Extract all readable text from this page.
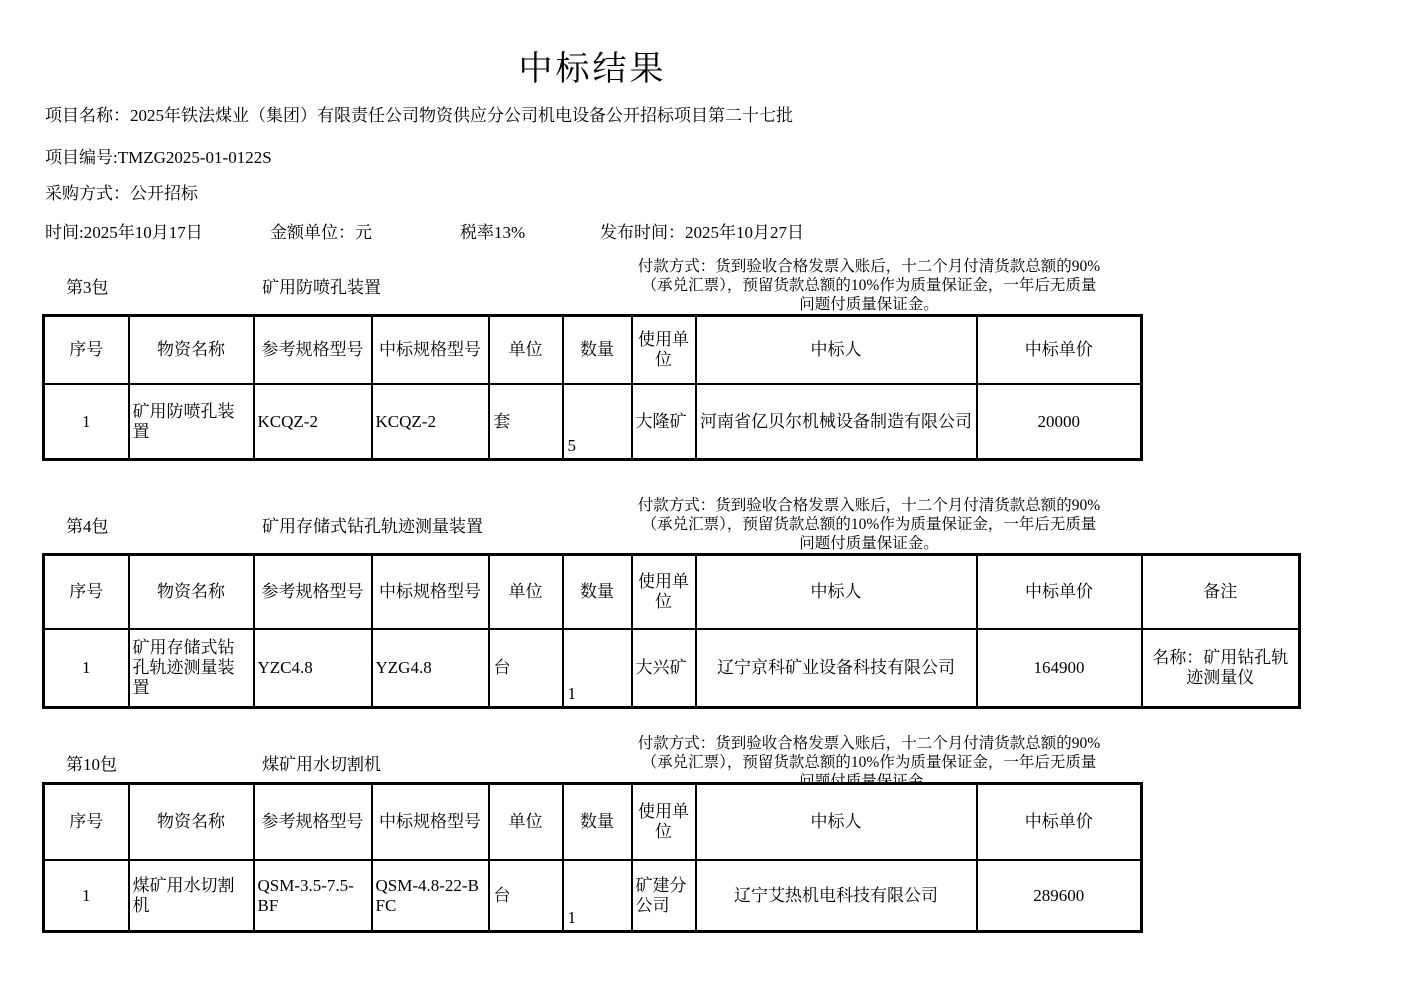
中标结果
项目名称：2025年铁法煤业（集团）有限责任公司物资供应分公司机电设备公开招标项目第二十七批
项目编号:TMZG2025-01-0122S
采购方式：公开招标
时间:2025年10月17日	金额单位：元	税率13%	发布时间：2025年10月27日
第3包	矿用防喷孔装置
付款方式：货到验收合格发票入账后，十二个月付清货款总额的90%
（承兑汇票），预留货款总额的10%作为质量保证金，一年后无质量
问题付质量保证金。
序号	物资名称	参考规格型号	中标规格型号	单位	数量	使用单位	中标人	中标单价
1	矿用防喷孔装置	KCQZ-2	KCQZ-2	套	5	大隆矿	河南省亿贝尔机械设备制造有限公司	20000
第4包	矿用存储式钻孔轨迹测量装置
付款方式：货到验收合格发票入账后，十二个月付清货款总额的90%
（承兑汇票），预留货款总额的10%作为质量保证金，一年后无质量
问题付质量保证金。
序号	物资名称	参考规格型号	中标规格型号	单位	数量	使用单位	中标人	中标单价	备注
1	矿用存储式钻孔轨迹测量装置	YZC4.8	YZG4.8	台	1	大兴矿	辽宁京科矿业设备科技有限公司	164900	名称：矿用钻孔轨迹测量仪
第10包	煤矿用水切割机
付款方式：货到验收合格发票入账后，十二个月付清货款总额的90%
（承兑汇票），预留货款总额的10%作为质量保证金，一年后无质量

序号	物资名称	参考规格型号	中标规格型号	单位	数量	使用单位	中标人	中标单价
1	煤矿用水切割机	QSM-3.5-7.5-BF	QSM-4.8-22-BFC	台	1	矿建分公司	辽宁艾热机电科技有限公司	289600
